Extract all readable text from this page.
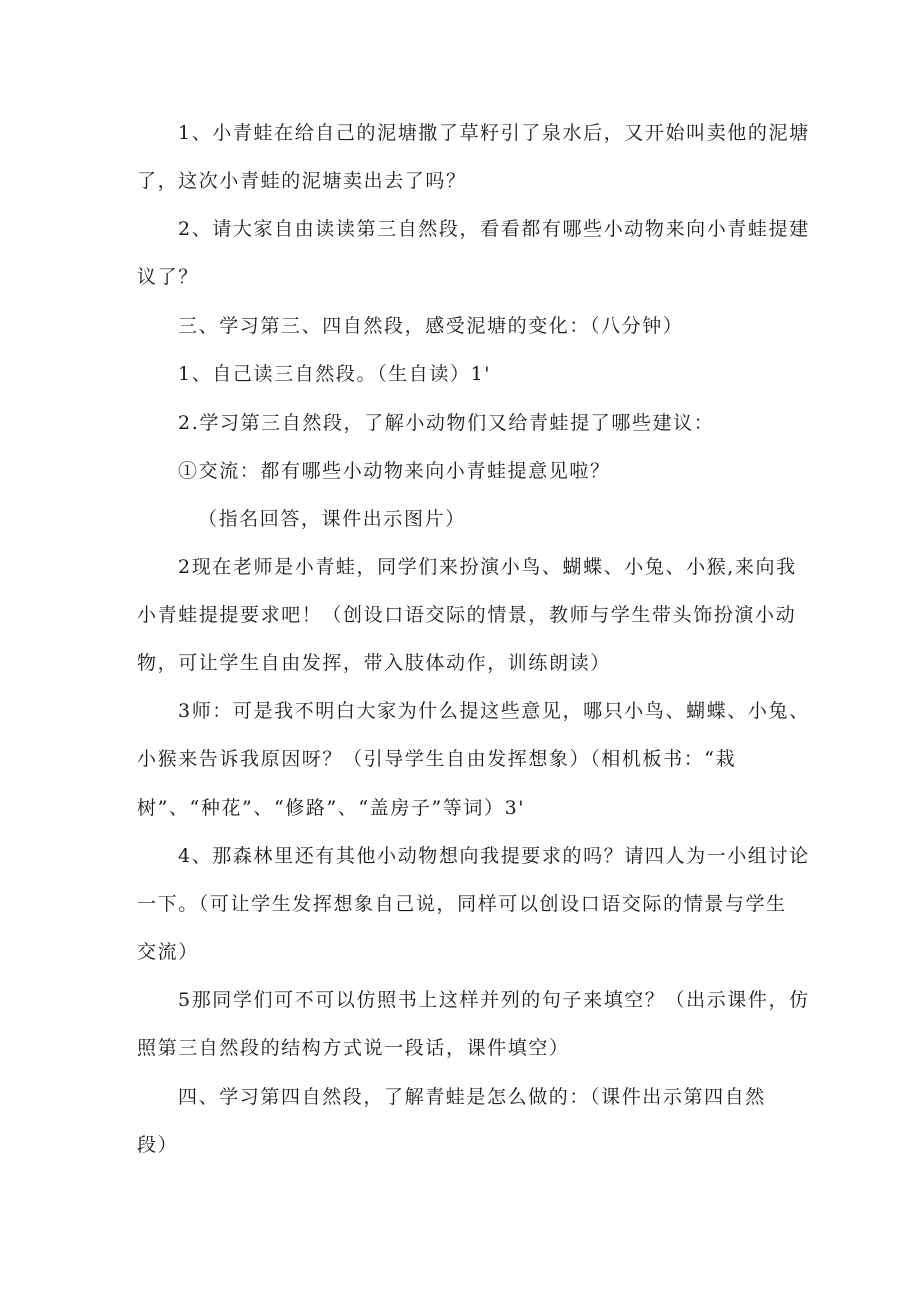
1、小青蛙在给自己的泥塘撒了草籽引了泉水后，又开始叫卖他的泥塘
了，这次小青蛙的泥塘卖出去了吗？
2、请大家自由读读第三自然段，看看都有哪些小动物来向小青蛙提建
议了？
三、学习第三、四自然段，感受泥塘的变化：（八分钟）
1、自己读三自然段。（生自读）1'
2.学习第三自然段，了解小动物们又给青蛙提了哪些建议：
①交流：都有哪些小动物来向小青蛙提意见啦？
（指名回答，课件出示图片）
2现在老师是小青蛙，同学们来扮演小鸟、蝴蝶、小兔、小猴,来向我
小青蛙提提要求吧！（创设口语交际的情景，教师与学生带头饰扮演小动
物，可让学生自由发挥，带入肢体动作，训练朗读）
3师：可是我不明白大家为什么提这些意见，哪只小鸟、蝴蝶、小兔、
小猴来告诉我原因呀？（引导学生自由发挥想象）（相机板书：“栽
树”、“种花”、“修路”、“盖房子”等词）3'
4、那森林里还有其他小动物想向我提要求的吗？请四人为一小组讨论
一下。（可让学生发挥想象自己说，同样可以创设口语交际的情景与学生
交流）
5那同学们可不可以仿照书上这样并列的句子来填空？（出示课件，仿
照第三自然段的结构方式说一段话，课件填空）
四、学习第四自然段，了解青蛙是怎么做的：（课件出示第四自然
段）
